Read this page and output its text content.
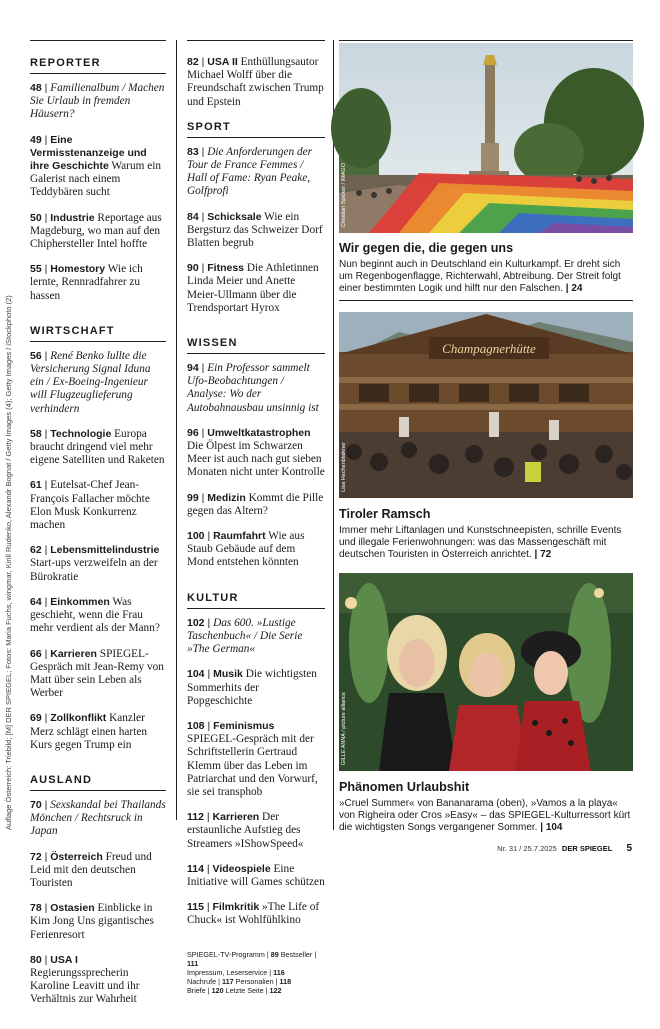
Auflage Österreich: Triebild; [M] DER SPIEGEL; Fotos: Maria Fuchs, wingmar, Kirill Rudenko, Alexandr Bognat / Getty Images (4); Getty Images / iStockphoto (2)
REPORTER
48 | Familienalbum / Machen Sie Urlaub in fremden Häusern?
49 | Eine Vermisstenanzeige und ihre Geschichte Warum ein Galerist nach einem Teddybären sucht
50 | Industrie Reportage aus Magdeburg, wo man auf den Chiphersteller Intel hoffte
55 | Homestory Wie ich lernte, Rennradfahrer zu hassen
WIRTSCHAFT
56 | René Benko lullte die Versicherung Signal Iduna ein / Ex-Boeing-Ingenieur will Flugzeuglieferung verhindern
58 | Technologie Europa braucht dringend viel mehr eigene Satelliten und Raketen
61 | Eutelsat-Chef Jean-François Fallacher möchte Elon Musk Konkurrenz machen
62 | Lebensmittelindustrie Start-ups verzweifeln an der Bürokratie
64 | Einkommen Was geschieht, wenn die Frau mehr verdient als der Mann?
66 | Karrieren SPIEGEL-Gespräch mit Jean-Remy von Matt über sein Leben als Werber
69 | Zollkonflikt Kanzler Merz schlägt einen harten Kurs gegen Trump ein
AUSLAND
70 | Sexskandal bei Thailands Mönchen / Rechtsruck in Japan
72 | Österreich Freud und Leid mit den deutschen Touristen
78 | Ostasien Einblicke in Kim Jong Uns gigantisches Ferienresort
80 | USA I Regierungssprecherin Karoline Leavitt und ihr Verhältnis zur Wahrheit
82 | USA II Enthüllungsautor Michael Wolff über die Freundschaft zwischen Trump und Epstein
SPORT
83 | Die Anforderungen der Tour de France Femmes / Hall of Fame: Ryan Peake, Golfprofi
84 | Schicksale Wie ein Bergsturz das Schweizer Dorf Blatten begrub
90 | Fitness Die Athletinnen Linda Meier und Anette Meier-Ullmann über die Trendsportart Hyrox
WISSEN
94 | Ein Professor sammelt Ufo-Beobachtungen / Analyse: Wo der Autobahnausbau unsinnig ist
96 | Umweltkatastrophen Die Ölpest im Schwarzen Meer ist auch nach gut sieben Monaten nicht unter Kontrolle
99 | Medizin Kommt die Pille gegen das Altern?
100 | Raumfahrt Wie aus Staub Gebäude auf dem Mond entstehen könnten
KULTUR
102 | Das 600. »Lustige Taschenbuch« / Die Serie »The German«
104 | Musik Die wichtigsten Sommerhits der Popgeschichte
108 | Feminismus SPIEGEL-Gespräch mit der Schriftstellerin Gertraud Klemm über das Leben im Patriarchat und den Vorwurf, sie sei transphob
112 | Karrieren Der erstaunliche Aufstieg des Streamers »IShowSpeed«
114 | Videospiele Eine Initiative will Games schützen
115 | Filmkritik »The Life of Chuck« ist Wohlfühlkino
SPIEGEL-TV-Programm | 89 Bestseller | 111
Impressum, Leserservice | 116
Nachrufe | 117 Personalien | 118
Briefe | 120 Letzte Seite | 122
Christian Spicker / IMAGO
Wir gegen die, die gegen uns

Nun beginnt auch in Deutschland ein Kulturkampf. Er dreht sich um Regenbogenflagge, Richterwahl, Abtreibung. Der Streit folgt einer bestimmten Logik und hilft nur den Falschen. | 24

Champagnerhütte
Lisa Hechenblaikner
Tiroler Ramsch

Immer mehr Liftanlagen und Kunstschneepisten, schrille Events und illegale Ferienwohnungen: was das Massengeschäft mit deutschen Touristen in Österreich anrichtet. | 72

GILLE ANNA / picture alliance
Phänomen Urlaubshit

»Cruel Summer« von Bananarama (oben), »Vamos a la playa« von Righeira oder Cros »Easy« – das SPIEGEL-Kulturressort kürt die wichtigsten Songs vergangener Sommer. | 104

Nr. 31 / 25.7.2025 DER SPIEGEL 5
